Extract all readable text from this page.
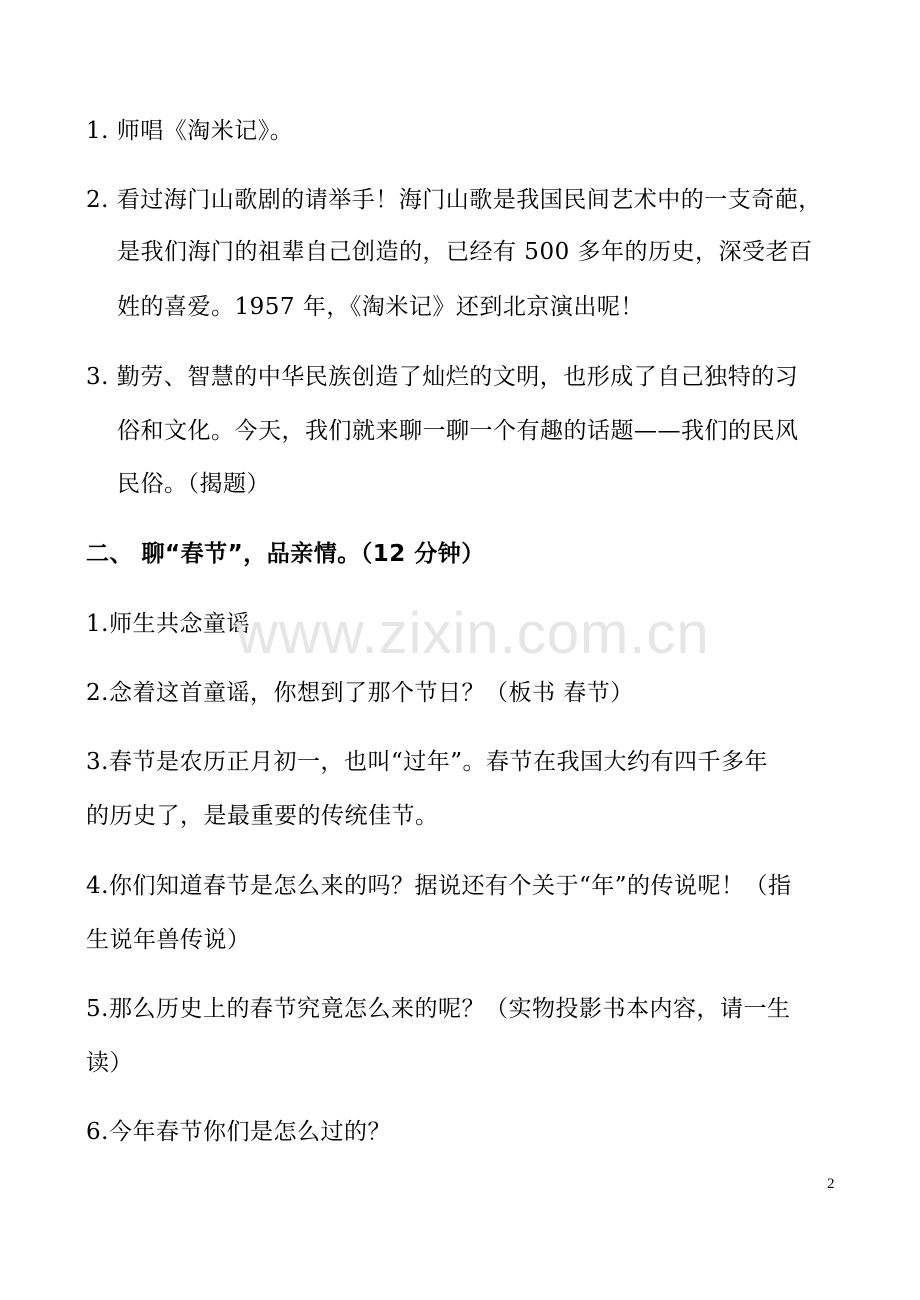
1. 师唱《淘米记》。
2. 看过海门山歌剧的请举手！海门山歌是我国民间艺术中的一支奇葩，
是我们海门的祖辈自己创造的，已经有 500 多年的历史，深受老百
姓的喜爱。1957 年，《淘米记》还到北京演出呢！
3. 勤劳、智慧的中华民族创造了灿烂的文明，也形成了自己独特的习
俗和文化。今天，我们就来聊一聊一个有趣的话题——我们的民风
民俗。（揭题）
二、 聊“春节”，品亲情。（12 分钟）
1.师生共念童谣
2.念着这首童谣，你想到了那个节日？（板书 春节）
3.春节是农历正月初一，也叫“过年”。春节在我国大约有四千多年
的历史了，是最重要的传统佳节。
4.你们知道春节是怎么来的吗？据说还有个关于“年”的传说呢！（指
生说年兽传说）
5.那么历史上的春节究竟怎么来的呢？（实物投影书本内容，请一生
读）
6.今年春节你们是怎么过的？
www.zixin.com.cn
2
